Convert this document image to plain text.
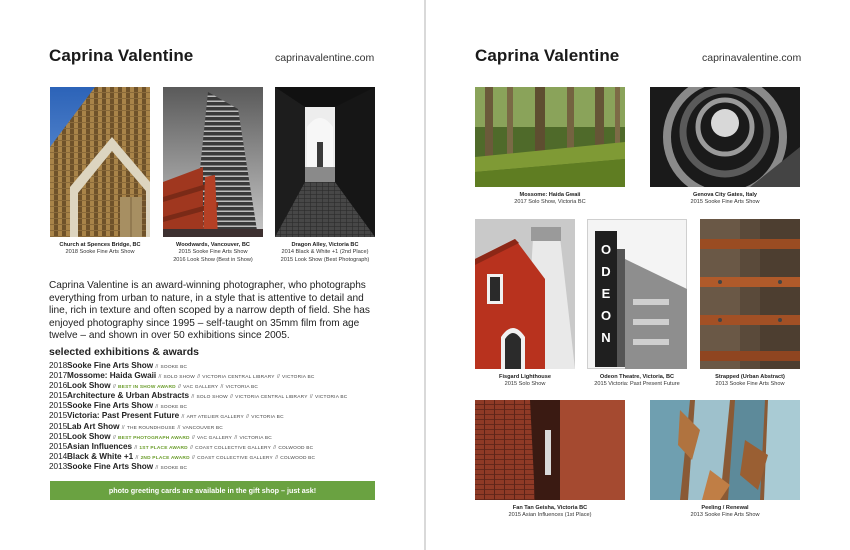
Caprina Valentine	caprinavalentine.com
Church at Spences Bridge, BC
2018 Sooke Fine Arts Show
Woodwards, Vancouver, BC
2015 Sooke Fine Arts Show
2016 Look Show (Best in Show)
Dragon Alley, Victoria BC
2014 Black & White +1 (2nd Place)
2015 Look Show (Best Photograph)
Caprina Valentine is an award-winning photographer, who photographs everything from urban to nature, in a style that is attentive to detail and line, rich in texture and often scoped by a narrow depth of field. She has enjoyed photography since 1995 – self-taught on 35mm film from age twelve – and shown in over 50 exhibitions since 2005.
selected exhibitions & awards
2018Sooke Fine Arts Show // SOOKE BC
2017Mossome: Haida Gwaii // SOLO SHOW // VICTORIA CENTRAL LIBRARY // VICTORIA BC
2016Look Show // BEST IN SHOW AWARD // VAC GALLERY // VICTORIA BC
2015Architecture & Urban Abstracts // SOLO SHOW // VICTORIA CENTRAL LIBRARY // VICTORIA BC
2015Sooke Fine Arts Show // SOOKE BC
2015Victoria: Past Present Future // ART ATELIER GALLERY // VICTORIA BC
2015Lab Art Show // THE ROUNDHOUSE // VANCOUVER BC
2015Look Show // BEST PHOTOGRAPH AWARD // VAC GALLERY // VICTORIA BC
2015Asian Influences // 1ST PLACE AWARD // COAST COLLECTIVE GALLERY // COLWOOD BC
2014Black & White +1 // 2ND PLACE AWARD // COAST COLLECTIVE GALLERY // COLWOOD BC
2013Sooke Fine Arts Show // SOOKE BC
photo greeting cards are available in the gift shop – just ask!
Caprina Valentine	caprinavalentine.com
Mossome: Haida Gwaii
2017 Solo Show, Victoria BC
Genova City Gates, Italy
2015 Sooke Fine Arts Show
Fisgard Lighthouse
2015 Solo Show
ODEON
Odeon Theatre, Victoria, BC
2015 Victoria: Past Present Future
Strapped (Urban Abstract)
2013 Sooke Fine Arts Show
Fan Tan Geisha, Victoria BC
2015 Asian Influences (1st Place)
Peeling / Renewal
2013 Sooke Fine Arts Show
